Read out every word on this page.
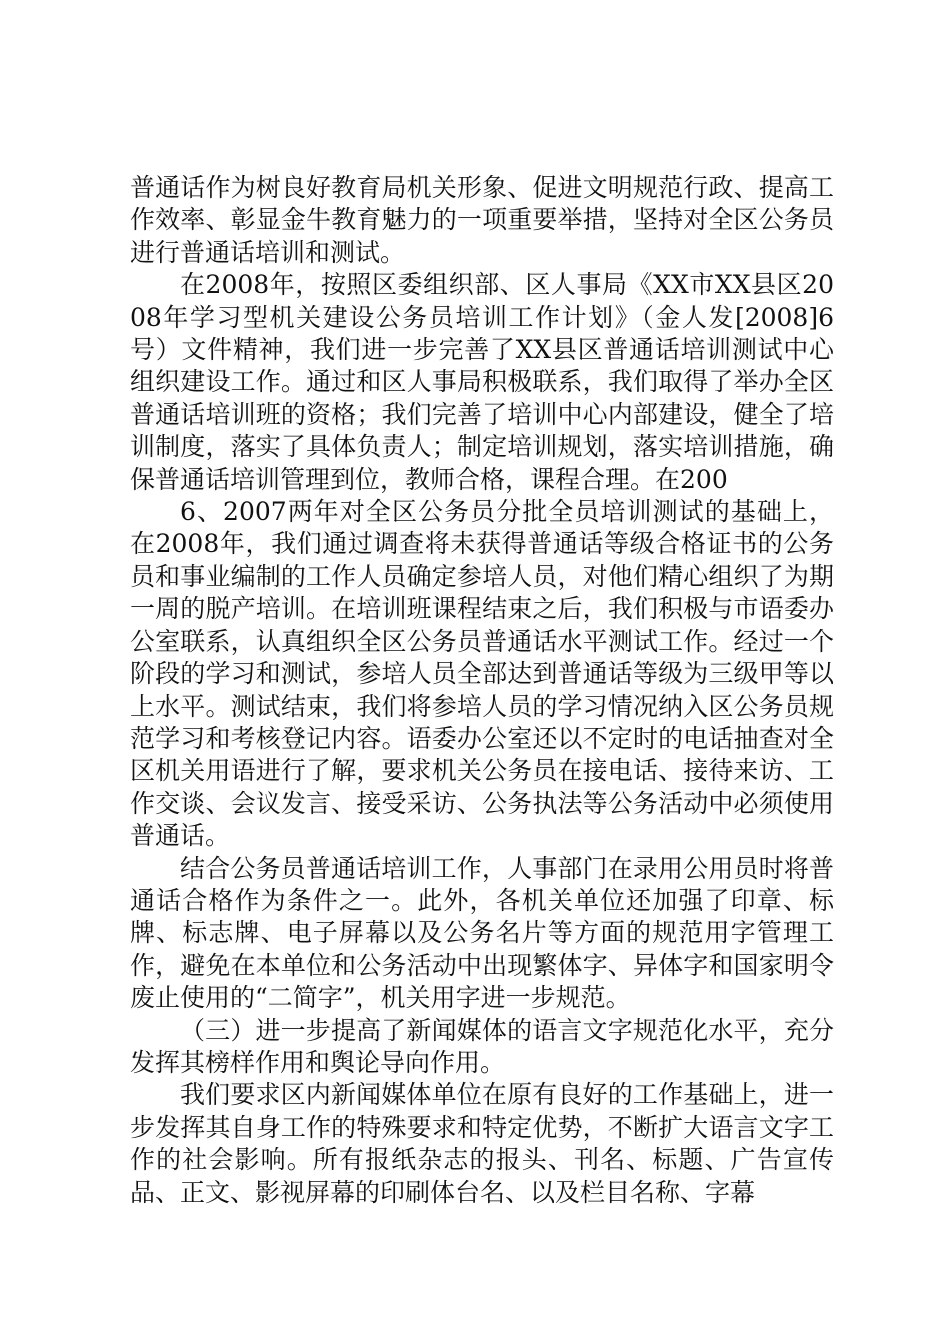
普通话作为树良好教育局机关形象、促进文明规范行政、提高工作效率、彰显金牛教育魅力的一项重要举措，坚持对全区公务员进行普通话培训和测试。

在2008年，按照区委组织部、区人事局《XX市XX县区2008年学习型机关建设公务员培训工作计划》（金人发[2008]6号）文件精神，我们进一步完善了XX县区普通话培训测试中心组织建设工作。通过和区人事局积极联系，我们取得了举办全区普通话培训班的资格；我们完善了培训中心内部建设，健全了培训制度，落实了具体负责人；制定培训规划，落实培训措施，确保普通话培训管理到位，教师合格，课程合理。在200

6、2007两年对全区公务员分批全员培训测试的基础上，在2008年，我们通过调查将未获得普通话等级合格证书的公务员和事业编制的工作人员确定参培人员，对他们精心组织了为期一周的脱产培训。在培训班课程结束之后，我们积极与市语委办公室联系，认真组织全区公务员普通话水平测试工作。经过一个阶段的学习和测试，参培人员全部达到普通话等级为三级甲等以上水平。测试结束，我们将参培人员的学习情况纳入区公务员规范学习和考核登记内容。语委办公室还以不定时的电话抽查对全区机关用语进行了解，要求机关公务员在接电话、接待来访、工作交谈、会议发言、接受采访、公务执法等公务活动中必须使用普通话。

结合公务员普通话培训工作，人事部门在录用公用员时将普通话合格作为条件之一。此外，各机关单位还加强了印章、标牌、标志牌、电子屏幕以及公务名片等方面的规范用字管理工作，避免在本单位和公务活动中出现繁体字、异体字和国家明令废止使用的“二简字”，机关用字进一步规范。

（三）进一步提高了新闻媒体的语言文字规范化水平，充分发挥其榜样作用和舆论导向作用。

我们要求区内新闻媒体单位在原有良好的工作基础上，进一步发挥其自身工作的特殊要求和特定优势，不断扩大语言文字工作的社会影响。所有报纸杂志的报头、刊名、标题、广告宣传品、正文、影视屏幕的印刷体台名、以及栏目名称、字幕
